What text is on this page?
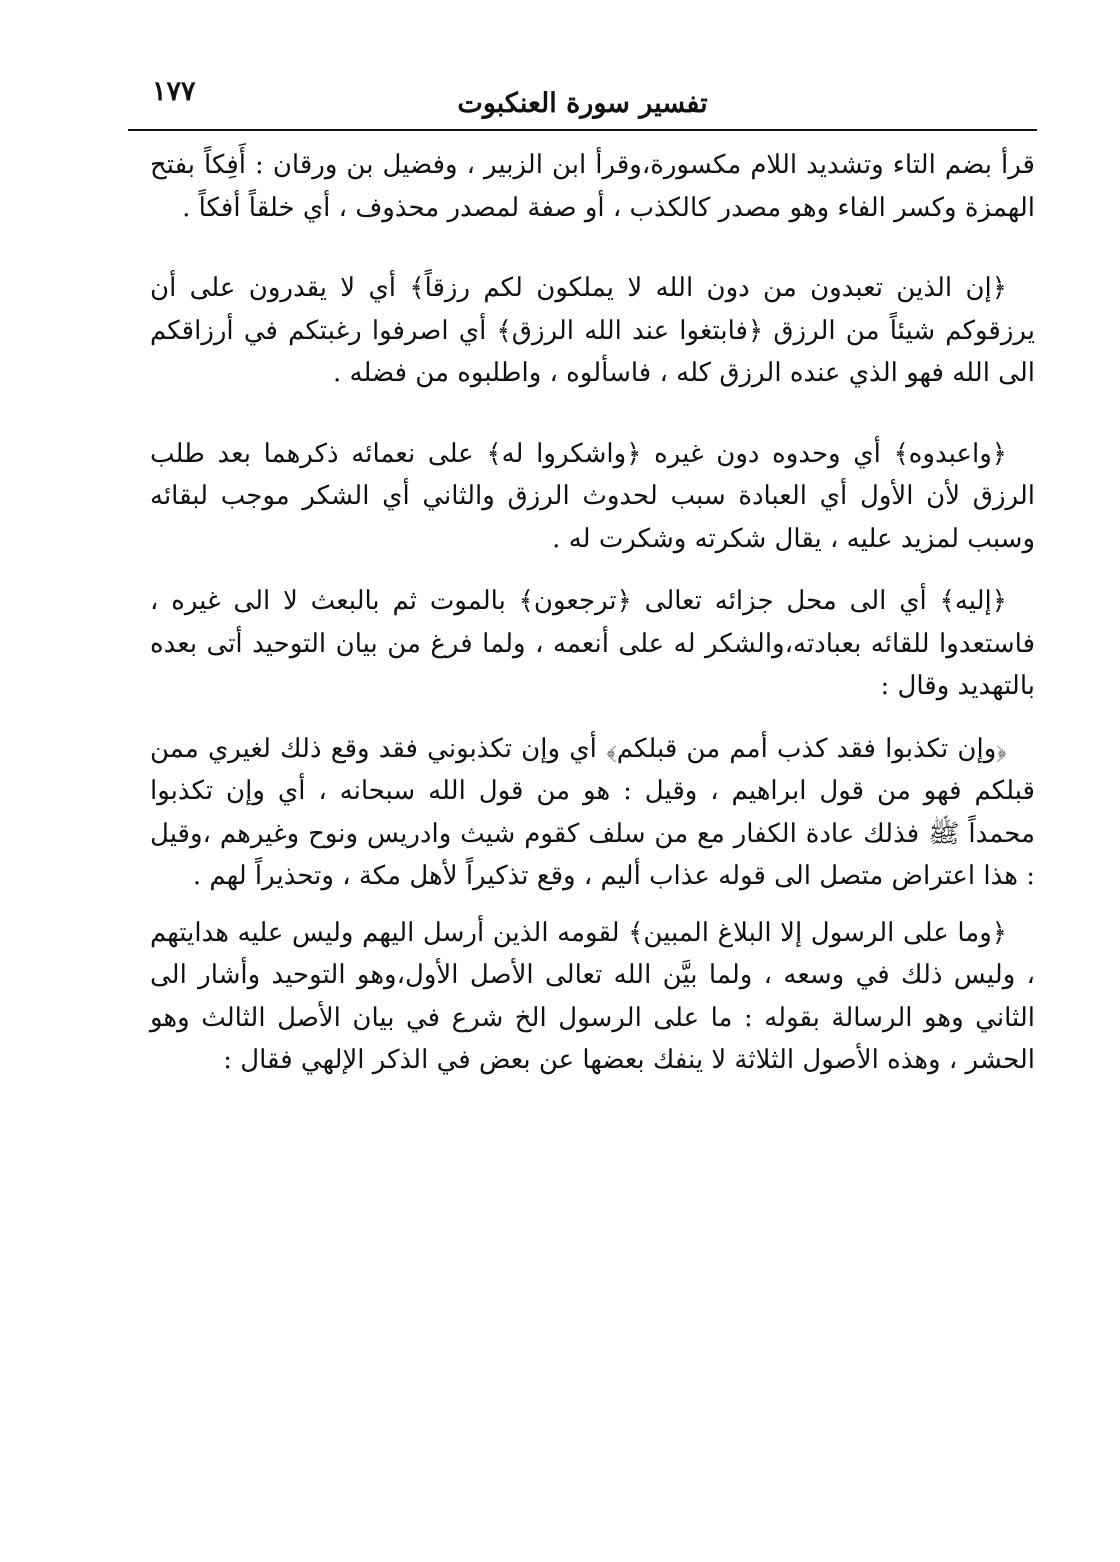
١٧٧	تفسير سورة العنكبوت

قرأ بضم التاء وتشديد اللام مكسورة،وقرأ ابن الزبير ، وفضيل بن ورقان : أَفِكاً بفتح الهمزة وكسر الفاء وهو مصدر كالكذب ، أو صفة لمصدر محذوف ، أي خلقاً أفكاً .

﴿إن الذين تعبدون من دون الله لا يملكون لكم رزقاً﴾ أي لا يقدرون على أن يرزقوكم شيئاً من الرزق ﴿فابتغوا عند الله الرزق﴾ أي اصرفوا رغبتكم في أرزاقكم الى الله فهو الذي عنده الرزق كله ، فاسألوه ، واطلبوه من فضله .

﴿واعبدوه﴾ أي وحدوه دون غيره ﴿واشكروا له﴾ على نعمائه ذكرهما بعد طلب الرزق لأن الأول أي العبادة سبب لحدوث الرزق والثاني أي الشكر موجب لبقائه وسبب لمزيد عليه ، يقال شكرته وشكرت له .

﴿إليه﴾ أي الى محل جزائه تعالى ﴿ترجعون﴾ بالموت ثم بالبعث لا الى غيره ، فاستعدوا للقائه بعبادته،والشكر له على أنعمه ، ولما فرغ من بيان التوحيد أتى بعده بالتهديد وقال :

﴿وإن تكذبوا فقد كذب أمم من قبلكم﴾ أي وإن تكذبوني فقد وقع ذلك لغيري ممن قبلكم فهو من قول ابراهيم ، وقيل : هو من قول الله سبحانه ، أي وإن تكذبوا محمداً ﷺ فذلك عادة الكفار مع من سلف كقوم شيث وادريس ونوح وغيرهم ،وقيل : هذا اعتراض متصل الى قوله عذاب أليم ، وقع تذكيراً لأهل مكة ، وتحذيراً لهم .

﴿وما على الرسول إلا البلاغ المبين﴾ لقومه الذين أرسل اليهم وليس عليه هدايتهم ، وليس ذلك في وسعه ، ولما بيَّن الله تعالى الأصل الأول،وهو التوحيد وأشار الى الثاني وهو الرسالة بقوله : ما على الرسول الخ شرع في بيان الأصل الثالث وهو الحشر ، وهذه الأصول الثلاثة لا ينفك بعضها عن بعض في الذكر الإلهي فقال :
